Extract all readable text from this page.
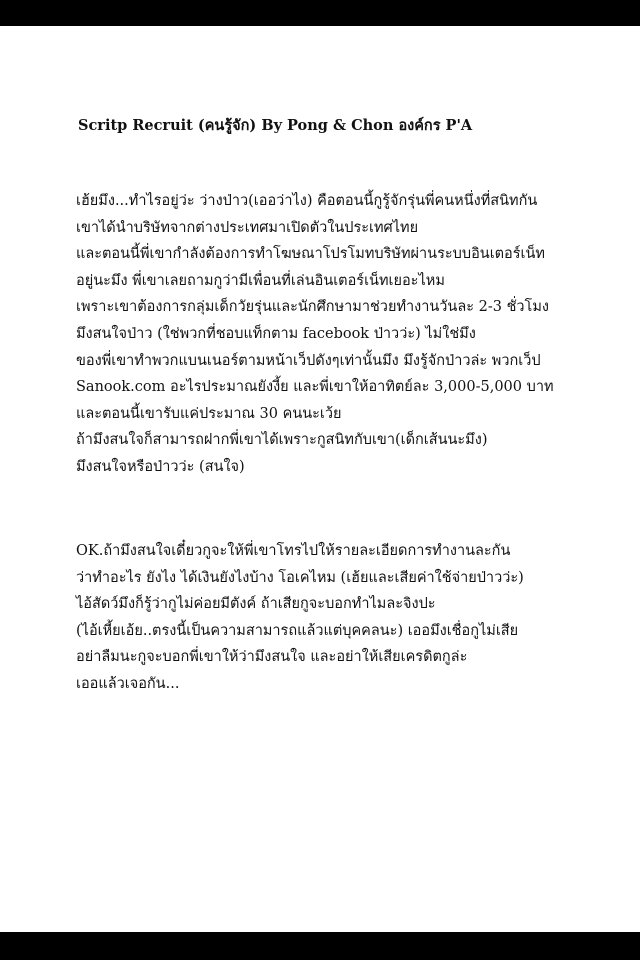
Scritp Recruit (คนรู้จัก) By Pong & Chon องค์กร P'A
เฮ้ยมึง...ทำไรอยู่ว่ะ ว่างป่าว(เออว่าไง) คือตอนนี้กูรู้จักรุ่นพี่คนหนึ่งที่สนิทกัน
เขาได้นำบริษัทจากต่างประเทศมาเปิดตัวในประเทศไทย
และตอนนี้พี่เขากำลังต้องการทำโฆษณาโปรโมทบริษัทผ่านระบบอินเตอร์เน็ท
อยู่นะมึง พี่เขาเลยถามกูว่ามีเพื่อนที่เล่นอินเตอร์เน็ทเยอะไหม
เพราะเขาต้องการกลุ่มเด็กวัยรุ่นและนักศึกษามาช่วยทำงานวันละ 2-3 ชั่วโมง
มึงสนใจป่าว (ใช่พวกที่ชอบแท็กตาม facebook ป่าวว่ะ) ไม่ใช่มึง
ของพี่เขาทำพวกแบนเนอร์ตามหน้าเว็ปดังๆเท่านั้นมึง มึงรู้จักป่าวล่ะ พวกเว็ป
Sanook.com อะไรประมาณยังงี้ย และพี่เขาให้อาทิตย์ละ 3,000-5,000 บาท
และตอนนี้เขารับแค่ประมาณ 30 คนนะเว้ย
ถ้ามึงสนใจก็สามารถฝากพี่เขาได้เพราะกูสนิทกับเขา(เด็กเส้นนะมึง)
มึงสนใจหรือป่าวว่ะ (สนใจ)
OK.ถ้ามึงสนใจเดี๋ยวกูจะให้พี่เขาโทรไปให้รายละเอียดการทำงานละกัน
ว่าทำอะไร ยังไง ได้เงินยังไงบ้าง โอเคไหม (เฮ้ยและเสียค่าใช้จ่ายป่าวว่ะ)
ไอ้สัดว์มึงก็รู้ว่ากูไม่ค่อยมีตังค์ ถ้าเสียกูจะบอกทำไมละจิงปะ
(ไอ้เหี้ยเอ้ย..ตรงนี้เป็นความสามารถแล้วแต่บุคคลนะ) เออมึงเชื่อกูไม่เสีย
อย่าลืมนะกูจะบอกพี่เขาให้ว่ามึงสนใจ และอย่าให้เสียเครดิตกูล่ะ
เออแล้วเจอกัน...
